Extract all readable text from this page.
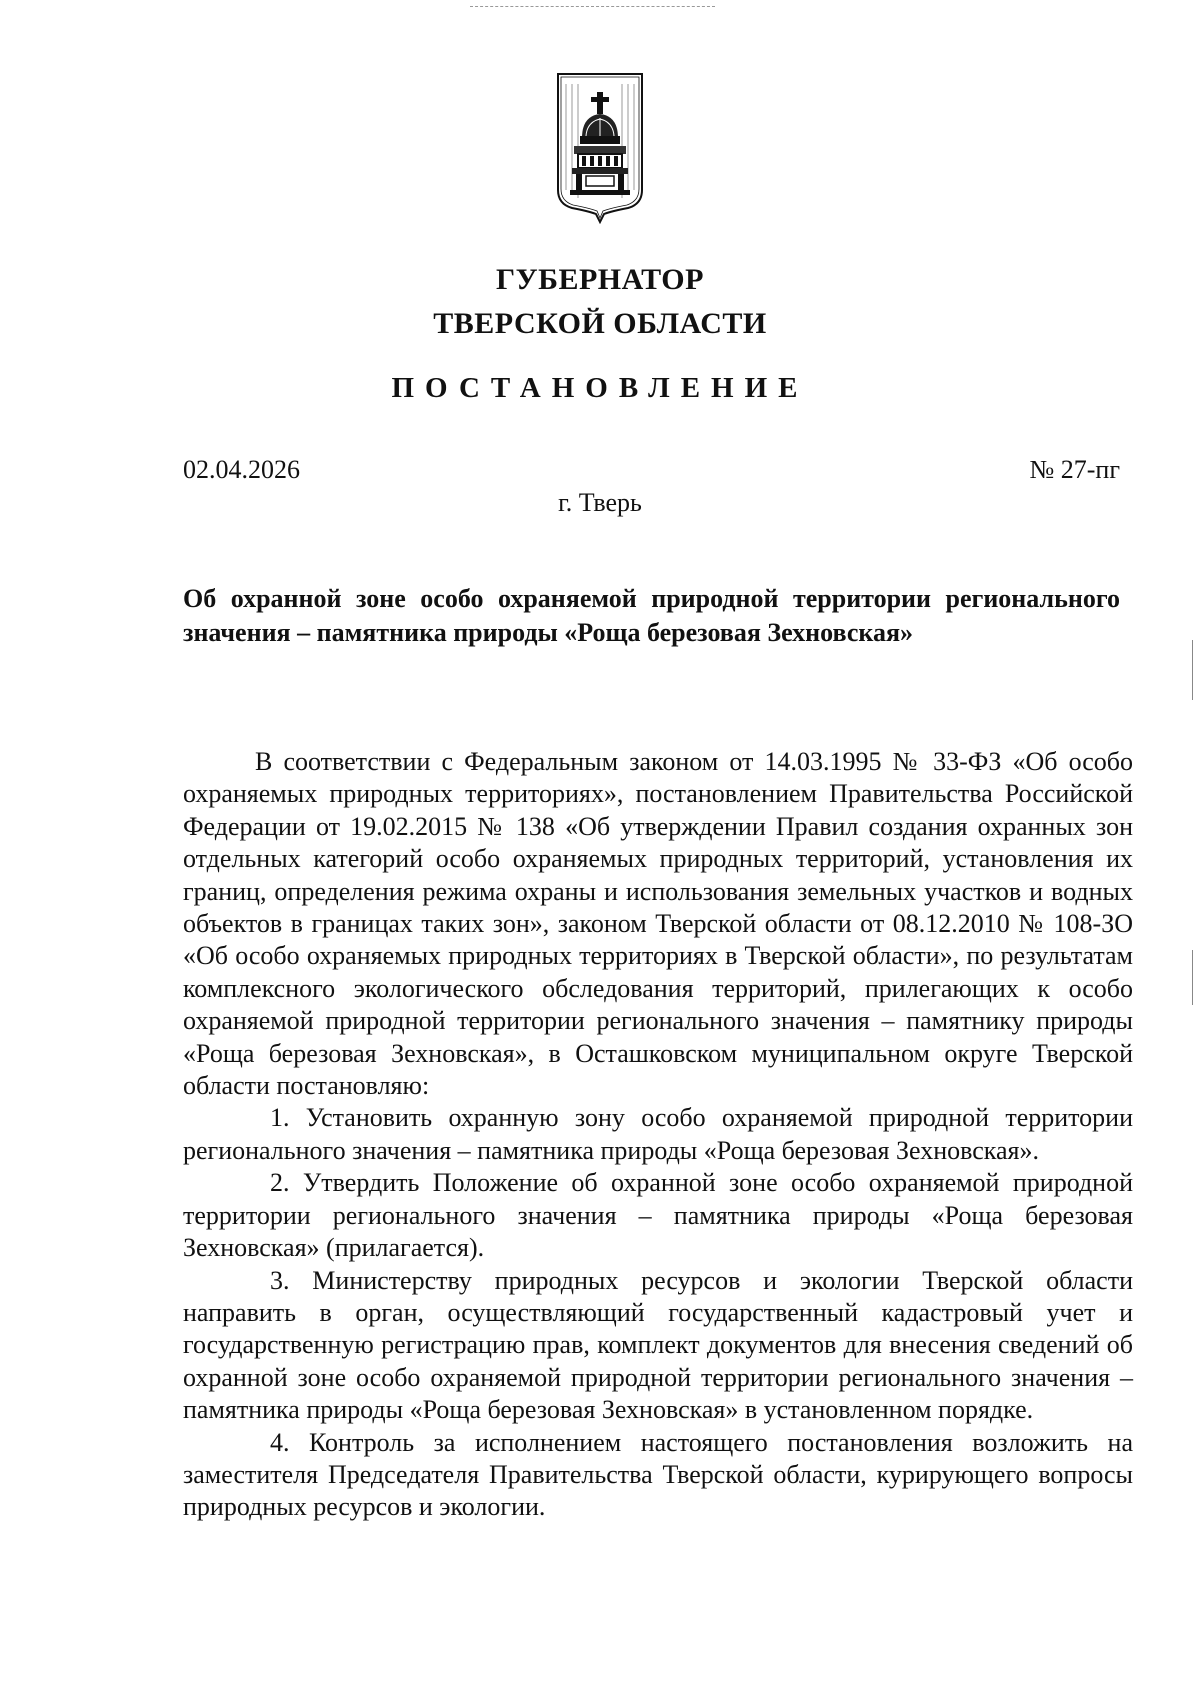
ГУБЕРНАТОР
ТВЕРСКОЙ ОБЛАСТИ
ПОСТАНОВЛЕНИЕ
02.04.2026	№ 27-пг
г. Тверь
Об охранной зоне особо охраняемой природной территории регионального значения – памятника природы «Роща березовая Зехновская»

В соответствии с Федеральным законом от 14.03.1995 № 33-ФЗ «Об особо охраняемых природных территориях», постановлением Правительства Российской Федерации от 19.02.2015 № 138 «Об утверждении Правил создания охранных зон отдельных категорий особо охраняемых природных территорий, установления их границ, определения режима охраны и использования земельных участков и водных объектов в границах таких зон», законом Тверской области от 08.12.2010 № 108-ЗО «Об особо охраняемых природных территориях в Тверской области», по результатам комплексного экологического обследования территорий, прилегающих к особо охраняемой природной территории регионального значения – памятнику природы «Роща березовая Зехновская», в Осташковском муниципальном округе Тверской области постановляю:

1. Установить охранную зону особо охраняемой природной территории регионального значения – памятника природы «Роща березовая Зехновская».

2. Утвердить Положение об охранной зоне особо охраняемой природной территории регионального значения – памятника природы «Роща березовая Зехновская» (прилагается).

3. Министерству природных ресурсов и экологии Тверской области направить в орган, осуществляющий государственный кадастровый учет и государственную регистрацию прав, комплект документов для внесения сведений об охранной зоне особо охраняемой природной территории регионального значения – памятника природы «Роща березовая Зехновская» в установленном порядке.

4. Контроль за исполнением настоящего постановления возложить на заместителя Председателя Правительства Тверской области, курирующего вопросы природных ресурсов и экологии.
